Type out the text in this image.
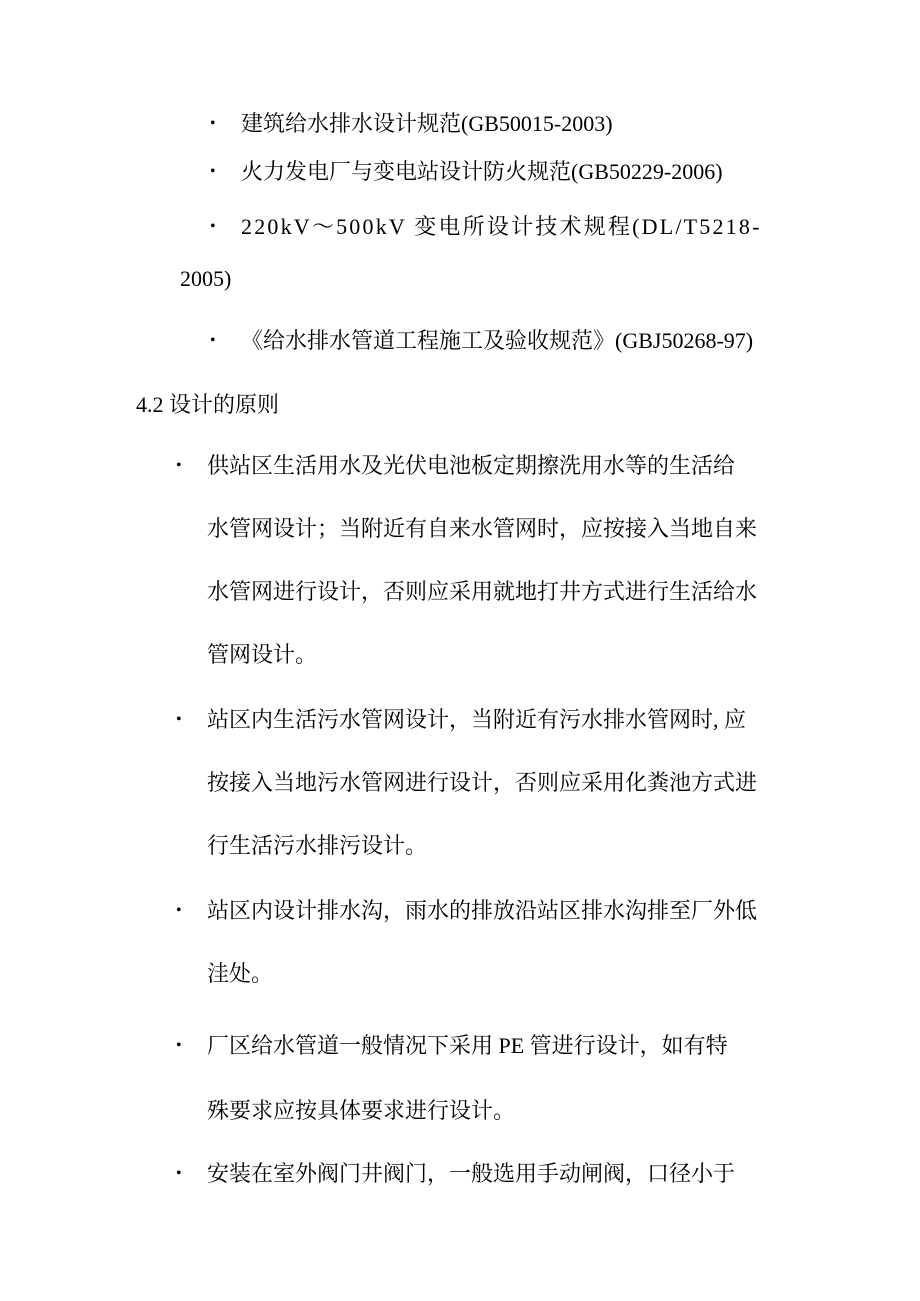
• 建筑给水排水设计规范(GB50015-2003)
• 火力发电厂与变电站设计防火规范(GB50229-2006)
• 220kV～500kV 变电所设计技术规程(DL/T5218-
2005)
• 《给水排水管道工程施工及验收规范》(GBJ50268-97)
4.2 设计的原则
• 供站区生活用水及光伏电池板定期擦洗用水等的生活给
水管网设计；当附近有自来水管网时，应按接入当地自来
水管网进行设计，否则应采用就地打井方式进行生活给水
管网设计。
• 站区内生活污水管网设计，当附近有污水排水管网时, 应
按接入当地污水管网进行设计，否则应采用化粪池方式进
行生活污水排污设计。
• 站区内设计排水沟，雨水的排放沿站区排水沟排至厂外低
洼处。
• 厂区给水管道一般情况下采用 PE 管进行设计，如有特
殊要求应按具体要求进行设计。
• 安装在室外阀门井阀门，一般选用手动闸阀，口径小于
